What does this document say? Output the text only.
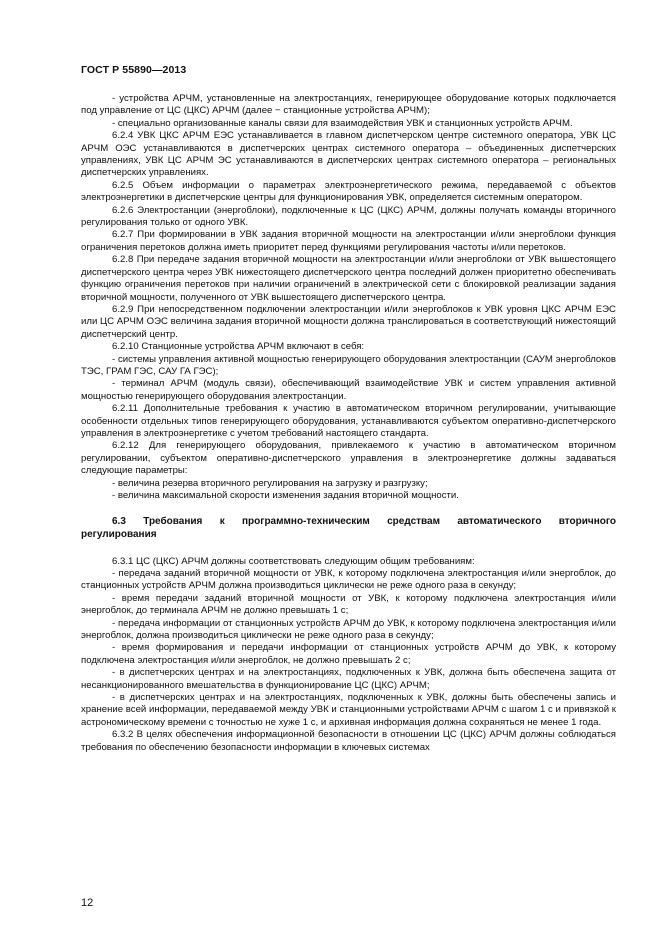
ГОСТ Р 55890—2013

- устройства АРЧМ, установленные на электростанциях, генерирующее оборудование которых подключается под управление от ЦС (ЦКС) АРЧМ (далее − станционные устройства АРЧМ);

- специально организованные каналы связи для взаимодействия УВК и станционных устройств АРЧМ.

6.2.4 УВК ЦКС АРЧМ ЕЭС устанавливается в главном диспетчерском центре системного оператора, УВК ЦС АРЧМ ОЭС устанавливаются в диспетчерских центрах системного оператора – объединенных диспетчерских управлениях, УВК ЦС АРЧМ ЭС устанавливаются в диспетчерских центрах системного оператора – региональных диспетчерских управлениях.

6.2.5 Объем информации о параметрах электроэнергетического режима, передаваемой с объектов электроэнергетики в диспетчерские центры для функционирования УВК, определяется системным оператором.

6.2.6 Электростанции (энергоблоки), подключенные к ЦС (ЦКС) АРЧМ, должны получать команды вторичного регулирования только от одного УВК.

6.2.7 При формировании в УВК задания вторичной мощности на электростанции и/или энергоблоки функция ограничения перетоков должна иметь приоритет перед функциями регулирования частоты и/или перетоков.

6.2.8 При передаче задания вторичной мощности на электростанции и/или энергоблоки от УВК вышестоящего диспетчерского центра через УВК нижестоящего диспетчерского центра последний должен приоритетно обеспечивать функцию ограничения перетоков при наличии ограничений в электрической сети с блокировкой реализации задания вторичной мощности, полученного от УВК вышестоящего диспетчерского центра.

6.2.9 При непосредственном подключении электростанции и/или энергоблоков к УВК уровня ЦКС АРЧМ ЕЭС или ЦС АРЧМ ОЭС величина задания вторичной мощности должна транслироваться в соответствующий нижестоящий диспетчерский центр.

6.2.10 Станционные устройства АРЧМ включают в себя:

- системы управления активной мощностью генерирующего оборудования электростанции (САУМ энергоблоков ТЭС, ГРАМ ГЭС, САУ ГА ГЭС);

- терминал АРЧМ (модуль связи), обеспечивающий взаимодействие УВК и систем управления активной мощностью генерирующего оборудования электростанции.

6.2.11 Дополнительные требования к участию в автоматическом вторичном регулировании, учитывающие особенности отдельных типов генерирующего оборудования, устанавливаются субъектом оперативно-диспетчерского управления в электроэнергетике с учетом требований настоящего стандарта.

6.2.12 Для генерирующего оборудования, привлекаемого к участию в автоматическом вторичном регулировании, субъектом оперативно-диспетчерского управления в электроэнергетике должны задаваться следующие параметры:

- величина резерва вторичного регулирования на загрузку и разгрузку;

- величина максимальной скорости изменения задания вторичной мощности.

6.3 Требования к программно-техническим средствам автоматического вторичного регулирования

6.3.1 ЦС (ЦКС) АРЧМ должны соответствовать следующим общим требованиям:

- передача заданий вторичной мощности от УВК, к которому подключена электростанция и/или энергоблок, до станционных устройств АРЧМ должна производиться циклически не реже одного раза в секунду;

- время передачи заданий вторичной мощности от УВК, к которому подключена электростанция и/или энергоблок, до терминала АРЧМ не должно превышать 1 с;

- передача информации от станционных устройств АРЧМ до УВК, к которому подключена электростанция и/или энергоблок, должна производиться циклически не реже одного раза в секунду;

- время формирования и передачи информации от станционных устройств АРЧМ до УВК, к которому подключена электростанция и/или энергоблок, не должно превышать 2 с;

- в диспетчерских центрах и на электростанциях, подключенных к УВК, должна быть обеспечена защита от несанкционированного вмешательства в функционирование ЦС (ЦКС) АРЧМ;

- в диспетчерских центрах и на электростанциях, подключенных к УВК, должны быть обеспечены запись и хранение всей информации, передаваемой между УВК и станционными устройствами АРЧМ с шагом 1 с и привязкой к астрономическому времени с точностью не хуже 1 с, и архивная информация должна сохраняться не менее 1 года.

6.3.2 В целях обеспечения информационной безопасности в отношении ЦС (ЦКС) АРЧМ должны соблюдаться требования по обеспечению безопасности информации в ключевых системах

12
